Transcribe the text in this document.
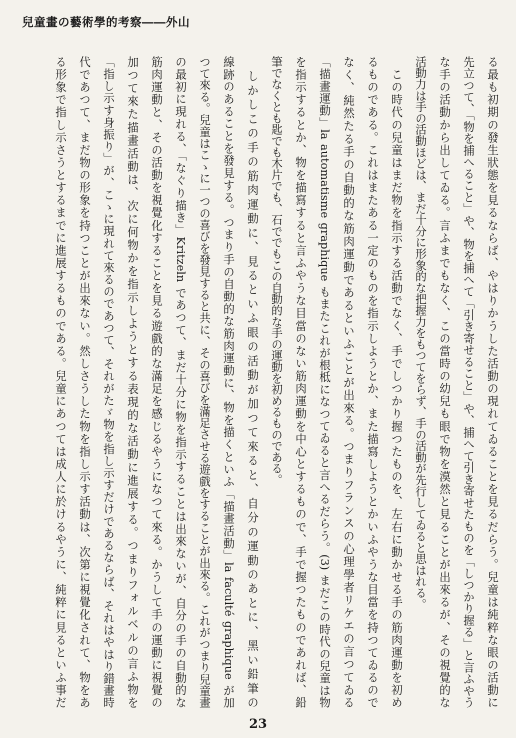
兒童畫の藝術學的考察――外山
る最も初期の發生狀態を見るならば、やはりかうした活動の現れてゐることを見るだらう。兒童は純粹な眼の活動に
先立つて、「物を捕へること」や、物を捕へて「引き寄せること」や、捕へて引き寄せたものを「しつかり握る」と言ふやう
な手の活動から出してゐる。言ふまでもなく、この當時の幼兒も眼で物を漠然と見ることが出來るが、その視覺的な
活動力は手の活動ほどは、まだ十分に形象的な把握力をもつてをらず、手の活動が先行してゐると思はれる。
　この時代の兒童はまだ物を指示する活動でなく、手でしつかり握つたものを、左右に動かせる手の筋肉運動を初め
るものである。これはまたある一定のものを指示しようとか、また描寫しようとかいふやうな目當を持つてゐるので
なく、純然たる手の自動的な筋肉運動であるといふことが出來る。つまりフランスの心理學者リケエの言つてゐる
「描畫運動」la automatisme graphique もまたこれが根柢になつてゐると言へるだらう。(3) まだこの時代の兒童は物
を指示するとか、物を描寫すると言ふやうな目當のない筋肉運動を中心とするもので、手で握つたものであれば、鉛
筆でなくとも匙でも木片でも、石ででもこの自動的な手の運動を初めるものである。
　しかしこの手の筋肉運動に、見るといふ眼の活動が加つて來ると、自分の運動のあとに、黑い鉛筆の
線跡のあることを發見する。つまり手の自動的な筋肉運動に、物を描くといふ「描畫活動」la faculté graphique が加
つて來る。兒童はこゝに一つの喜びを發見すると共に、その喜びを滿足させる遊戲をすることが出來る。これがつまり兒童畫
の最初に現れる、「なぐり描き」Kritzeln であつて、まだ十分に物を指示することは出來ないが、自分の手の自動的な
筋肉運動と、その活動を視覺化することを見る遊戲的な滿足を感じるやうになつて來る。かうして手の運動に視覺の
加つて來た描畫活動は、次に何物かを指示しようとする表現的な活動に進展する。つまりフォルベルの言ふ物を
「指し示す身振り」が、こゝに現れて來るのであつて、それがたゞ物を指し示すだけであるならば、それはやはり錯畫時
代であつて、まだ物の形象を持つことが出來ない。然しさうした物を指し示す活動は、次第に視覺化されて、物をあ
る形象で指し示さうとするまでに進展するものである。兒童にあつては成人に於けるやうに、純粹に見るといふ事だ
23
